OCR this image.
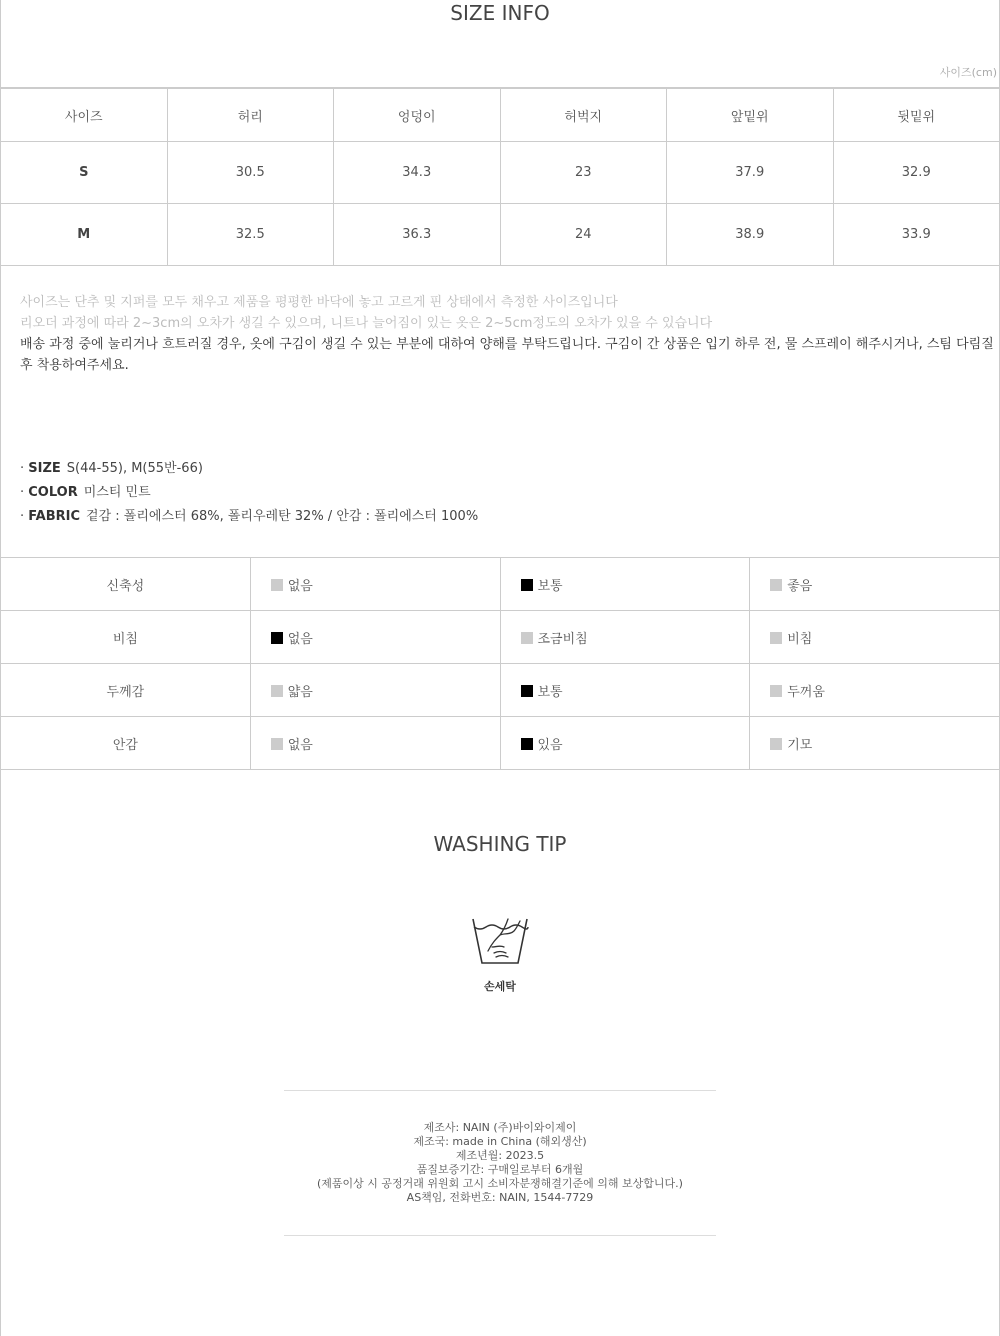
SIZE INFO
사이즈(cm)
사이즈	허리	엉덩이	허벅지	앞밑위	뒷밑위
S	30.5	34.3	23	37.9	32.9
M	32.5	36.3	24	38.9	33.9
사이즈는 단추 및 지퍼를 모두 채우고 제품을 평평한 바닥에 놓고 고르게 핀 상태에서 측정한 사이즈입니다
리오더 과정에 따라 2~3cm의 오차가 생길 수 있으며, 니트나 늘어짐이 있는 옷은 2~5cm정도의 오차가 있을 수 있습니다
배송 과정 중에 눌리거나 흐트러질 경우, 옷에 구김이 생길 수 있는 부분에 대하여 양해를 부탁드립니다. 구김이 간 상품은 입기 하루 전, 물 스프레이 해주시거나, 스팀 다림질 후 착용하여주세요.
· SIZE S(44-55), M(55반-66)
· COLOR 미스티 민트
· FABRIC 겉감 : 폴리에스터 68%, 폴리우레탄 32% / 안감 : 폴리에스터 100%
신축성	없음	보통	좋음
비침	없음	조금비침	비침
두께감	얇음	보통	두꺼움
안감	없음	있음	기모
WASHING TIP
손세탁
제조사: NAIN (주)바이와이제이
제조국: made in China (해외생산)
제조년월: 2023.5
품질보증기간: 구매일로부터 6개월
(제품이상 시 공정거래 위원회 고시 소비자분쟁해결기준에 의해 보상합니다.)
AS책임, 전화번호: NAIN, 1544-7729
